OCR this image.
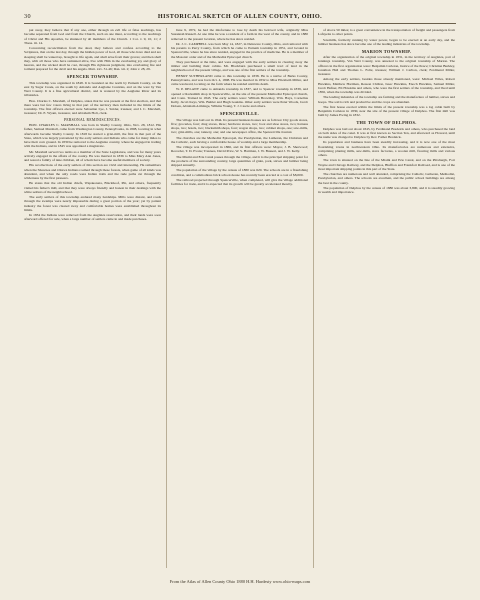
30	HISTORICAL SKETCH OF ALLEN COUNTY, OHIO.

put away, they believe that if any one, either through an evil life or false teachings, has become separated from God and from the Church, such an one must, according to the teachings of Christ and His Apostles, be shunned by all members of the Church. 1 Cor. v. 9, 10, 11; 2 Thess. iii. 14.

Concerning reconciliation from the dead, they believe and confess according to the Scriptures, that on the last day, through the hidden power of God, all those who have died and are sleeping shall be waked up, brought to life again, and shall arise from their graves; and then shall they, with all those who have remained alive, live with Him in the everlasting joy and glory of heaven, and the wicked shall be cast, through His righteous judgment, into everlasting fire and torment prepared for the devil and his angels. Matt. xxv. 31-46; Dan. xii. 2; John v. 28, 29.

SPENCER TOWNSHIP.

This township was organized in 1848. It is bounded on the north by Putnam County, on the east by Sugar Creek, on the south by Amanda and Auglaize Counties, and on the west by Van Wert County. It is a fine agricultural district, and is watered by the Auglaize River and its tributaries.

Hon. Charles C. Marshall, of Delphos, states that he was present at the first election, and that there were but few voters living in that part of the territory then included in the limits of the township. The first officers elected were Sebastian Lye, J. Snider, trustees; and I. C. Marshall, treasurer; Dr. E. Wyant, treasurer, and Abraham Holt, clerk.

PERSONAL REMINISCENCES.

HON. CHARLES C. MARSHALL was born in Shelby County, Ohio, Nov. 28, 1812. His father, Samuel Marshall, came from Washington County, Pennsylvania, in 1808, locating in what afterwards became Shelby County. In 1818 he started a grist-mill, the first in that part of the State, which was largely patronized by the early settlers and Indians who came for many miles to have their corn ground. In 1830 he removed to the Auglaize country, where he engaged in trading with the Indians, and in 1845 was appointed a magistrate.

Mr. Marshall served two terms as a member of the State Legislature, and was for many years actively engaged in the affairs of the county. He was married in 1836 to Miss Mary Ann Jones, and reared a family of nine children, all of whom have become useful members of society.

His recollections of the early settlers of this section are vivid and interesting. He remembers when the Shawnee and Ottawa Indians roamed through these forests, when game of all kinds was abundant, and when the only roads were Indian trails and the rude paths cut through the wilderness by the first pioneers.

He states that the old Indian chiefs, Wapakoneta, Blackhoof, Pht, and others, frequently visited his father's mill, and that they were always friendly and honest in their dealings with the white settlers of the neighborhood.

The early settlers of this township endured many hardships. Mills were distant, and roads through the swamps were nearly impassable during a great portion of the year; yet by patient industry the forest was cleared away and comfortable homes were established throughout its limits.

In 1834 the Indians were removed from the Auglaize reservation, and their lands were soon afterward offered for sale, when a large number of settlers came in and made purchases.

June 9, 1872, he had the misfortune to lose by death his beloved wife, originally Miss Susannah Russell. At one time he was a resident of a farm in the west of the county, and in 1880 removed to the present location, where he has since resided.

Dr. J. C. CAMPBELL was born May 14, 1827, in Delaware County, Ohio, and removed with his parents to Perry County, from which he came to Putnam township in 1851, and located in Spencerville, where he has since resided, engaged in the practice of medicine. He is a member of the Masonic order and of the Methodist Episcopal church.

They purchased at the time, and were engaged with the early settlers in clearing away the timber and building their cabins. Mr. Blackburn purchased a small tract of land in the neighborhood of the present village, and was one of the first settlers of the township.

HENRY SUTHERLAND came to this township in 1838. He is a native of Berks County, Pennsylvania, and was born Oct. 4, 1808. He was married in 1832 to Miss Elizabeth Miller, and came westward, locating on the farm where he resided until his death.

W. P. DELANY came to Amanda township in 1837, and to Spencer township in 1839, and opened a blacksmith shop in Spencerville, on the site of the present Methodist Episcopal church, and Conn. Trained in 1843. The early settlers were: William Brownley, Wm. Hays, Cornelius Kelly, Jacob Keys, Wm. Buhler and Hugh Gaskins. Other early settlers were Peter Woods, Jacob Dolsen, Abraham Armitage, Wilkins Young, T. J. Cascie and others.

SPENCERVILLE.

The village was laid out in 1844. Its present business houses are as follows: Dry goods stores, five; groceries, four; drug stores, three; hardware stores, two; boot and shoe stores, two; harness shops, two; hotels, two; blacksmith shops, four; wagon shops, two; cabinet shops, one; saw-mills, two; grist-mills, one; tannery, one; and one newspaper office, the Spencerville Journal.

The churches are the Methodist Episcopal, the Presbyterian, the Lutheran, the Christian and the Catholic, each having a comfortable house of worship and a large membership.

The village was incorporated in 1866, and its first officers were: Mayor, J. B. Sherwood; Recorder, T. D. Evans; Trustees, David Price, W. S. Hartman, J. W. Bussert, and J. W. Kelly.

The Miami and Erie Canal passes through the village, and it is the principal shipping point for the products of the surrounding country, large quantities of grain, pork, staves and lumber being shipped annually.

The population of the village by the census of 1880 was 620. The schools are in a flourishing condition, and a commodious brick school-house has recently been erected at a cost of $8,000.

The railroad projected through Spencerville, when completed, will give the village additional facilities for trade, and it is expected that its growth will be greatly accelerated thereby.

of above 50 miles; is a great convenience in the transportation of freight and passengers from Lafayette to other points.

Sawmills, formerly running by water power, began to be erected at an early day, and the lumber business has since become one of the leading industries of the township.

MARION TOWNSHIP.

After the organization of the original township in 1831, in the territory of Auglaize, part of Jennings township, Van Wert County, was annexed to the original township of Marion. The officers in the first organization were: Benjamin Carleton, Justice of the Peace; Christian Burkley, Jonathan Hall and Thomas L. Foltz, trustees; William J. Carlton, clerk; Ferdinand Miller, treasurer.

Among the early settlers, besides those already mentioned, were: Michael Wiles, Robert Hawkins, Matthew Hartman, Reason Chilton, Isaac Hawkins, Enoch Hawkins, Samuel Miller, Jacob Hefner, Eli Hawkins and others, who were the first settlers of the township, and lived until 1856, when the township was divided.

The leading industries of the township are farming and the manufacture of lumber, staves and hoops. The soil is rich and productive and the crops are abundant.

The first house erected within the limits of the present township was a log cabin built by Benjamin Carleton in 1830, near the site of the present village of Delphos. The first mill was built by James Ewing in 1832.

THE TOWN OF DELPHOS.

Delphos was laid out about 1845, by Ferdinand Bredeick and others, who purchased the land on both sides of the canal. It was at first known as Section Ten, and afterward as Howard, until the name was changed to Delphos by Rev. Father Bredeick.

Its population and business have been steadily increasing, and it is now one of the most flourishing towns in northwestern Ohio. Its manufactories are numerous and extensive, comprising planing mills, saw-mills, stave factories, a woolen mill, flouring mills and various others.

The town is situated on the line of the Miami and Erie Canal, and on the Pittsburgh, Fort Wayne and Chicago Railway, and the Delphos, Bluffton and Frankfort Railroad, and is one of the most important shipping points in this part of the State.

The churches are numerous and well attended, comprising the Catholic, Lutheran, Methodist, Presbyterian, and others. The schools are excellent, and the public school buildings are among the best in the county.

The population of Delphos by the census of 1880 was about 3,800, and it is steadily growing in wealth and importance.

From the Atlas of Allen County Ohio 1880 H.H. Hardesty www.ohio-maps.com
